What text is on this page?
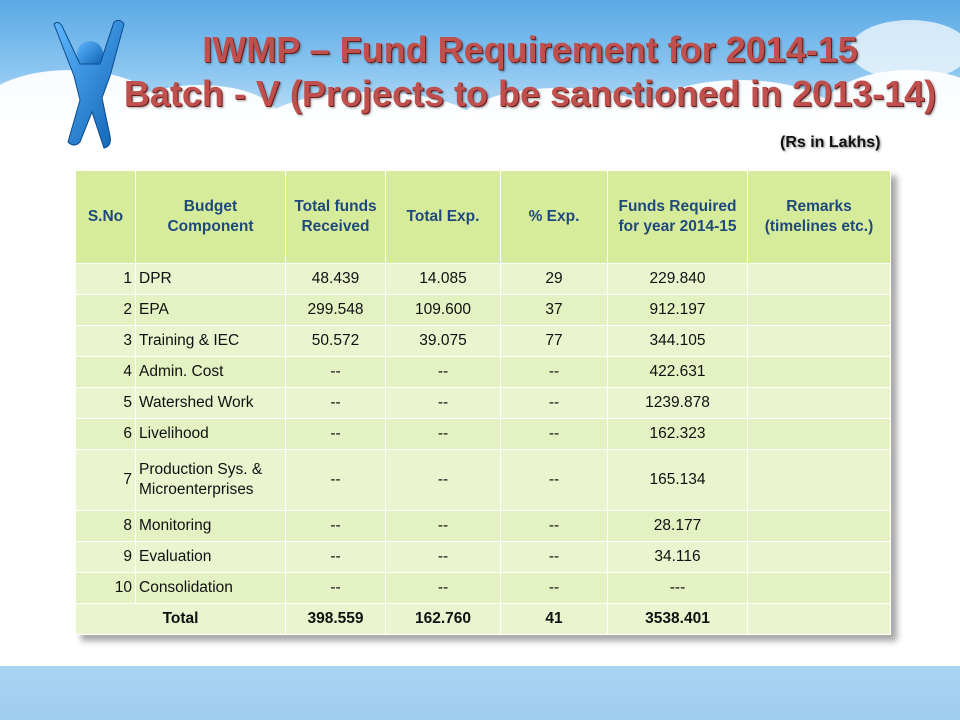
IWMP – Fund Requirement for 2014-15
Batch - V (Projects to be sanctioned in 2013-14)
(Rs in Lakhs)
S.No	Budget Component	Total funds Received	Total Exp.	% Exp.	Funds Required for year 2014-15	Remarks (timelines etc.)
1	DPR	48.439	14.085	29	229.840	
2	EPA	299.548	109.600	37	912.197	
3	Training & IEC	50.572	39.075	77	344.105	
4	Admin. Cost	--	--	--	422.631	
5	Watershed Work	--	--	--	1239.878	
6	Livelihood	--	--	--	162.323	
7	Production Sys. & Microenterprises	--	--	--	165.134	
8	Monitoring	--	--	--	28.177	
9	Evaluation	--	--	--	34.116	
10	Consolidation	--	--	--	---	
Total		398.559	162.760	41	3538.401	
